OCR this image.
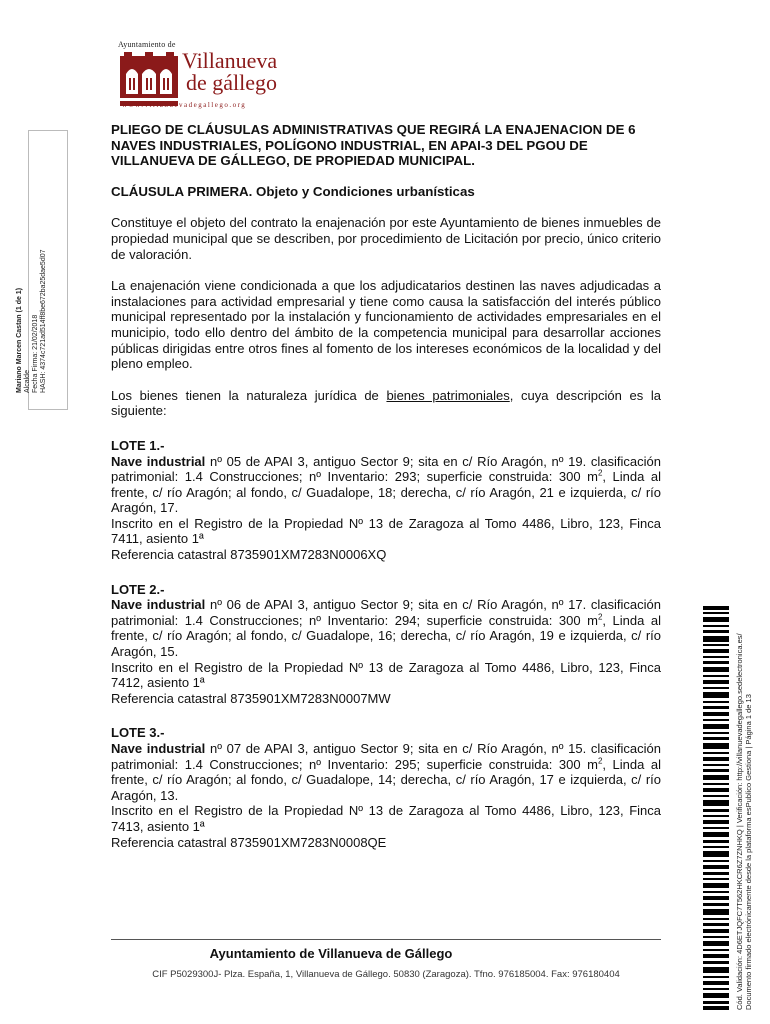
Ayuntamiento de
Villanueva
de gállego
www.villanuevadegallego.org
Mariano Marcen Castan (1 de 1) Alcalde Fecha Firma: 21/02/2018 HASH: 4374c721ad514ff8be672ba25dae5d07
Cód. Validación: 4D6ETJQFC7T562HKCR6Z7ZNHKQ | Verificación: http://villanuevadegallego.sedelectronica.es/ Documento firmado electrónicamente desde la plataforma esPublico Gestiona | Página 1 de 13

PLIEGO DE CLÁUSULAS ADMINISTRATIVAS QUE REGIRÁ LA ENAJENACION DE 6 NAVES INDUSTRIALES, POLÍGONO INDUSTRIAL, EN APAI-3 DEL PGOU DE VILLANUEVA DE GÁLLEGO, DE PROPIEDAD MUNICIPAL.

CLÁUSULA PRIMERA. Objeto y Condiciones urbanísticas

Constituye el objeto del contrato la enajenación por este Ayuntamiento de bienes inmuebles de propiedad municipal que se describen, por procedimiento de Licitación por precio, único criterio de valoración.

La enajenación viene condicionada a que los adjudicatarios destinen las naves adjudicadas a instalaciones para actividad empresarial y tiene como causa la satisfacción del interés público municipal representado por la instalación y funcionamiento de actividades empresariales en el municipio, todo ello dentro del ámbito de la competencia municipal para desarrollar acciones públicas dirigidas entre otros fines al fomento de los intereses económicos de la localidad y del pleno empleo.

Los bienes tienen la naturaleza jurídica de bienes patrimoniales, cuya descripción es la siguiente:

LOTE 1.-

Nave industrial nº 05 de APAI 3, antiguo Sector 9; sita en c/ Río Aragón, nº 19. clasificación patrimonial: 1.4 Construcciones; nº Inventario: 293; superficie construida: 300 $m^2$, Linda al frente, c/ río Aragón; al fondo, c/ Guadalope, 18; derecha, c/ río Aragón, 21 e izquierda, c/ río Aragón, 17.

Inscrito en el Registro de la Propiedad Nº 13 de Zaragoza al Tomo 4486, Libro, 123, Finca 7411, asiento 1ª

Referencia catastral 8735901XM7283N0006XQ

LOTE 2.-

Nave industrial nº 06 de APAI 3, antiguo Sector 9; sita en c/ Río Aragón, nº 17. clasificación patrimonial: 1.4 Construcciones; nº Inventario: 294; superficie construida: 300 $m^2$, Linda al frente, c/ río Aragón; al fondo, c/ Guadalope, 16; derecha, c/ río Aragón, 19 e izquierda, c/ río Aragón, 15.

Inscrito en el Registro de la Propiedad Nº 13 de Zaragoza al Tomo 4486, Libro, 123, Finca 7412, asiento 1ª

Referencia catastral 8735901XM7283N0007MW

LOTE 3.-

Nave industrial nº 07 de APAI 3, antiguo Sector 9; sita en c/ Río Aragón, nº 15. clasificación patrimonial: 1.4 Construcciones; nº Inventario: 295; superficie construida: 300 $m^2$, Linda al frente, c/ río Aragón; al fondo, c/ Guadalope, 14; derecha, c/ río Aragón, 17 e izquierda, c/ río Aragón, 13.

Inscrito en el Registro de la Propiedad Nº 13 de Zaragoza al Tomo 4486, Libro, 123, Finca 7413, asiento 1ª

Referencia catastral 8735901XM7283N0008QE

Ayuntamiento de Villanueva de Gállego
CIF P5029300J- Plza. España, 1, Villanueva de Gállego. 50830 (Zaragoza). Tfno. 976185004. Fax: 976180404
